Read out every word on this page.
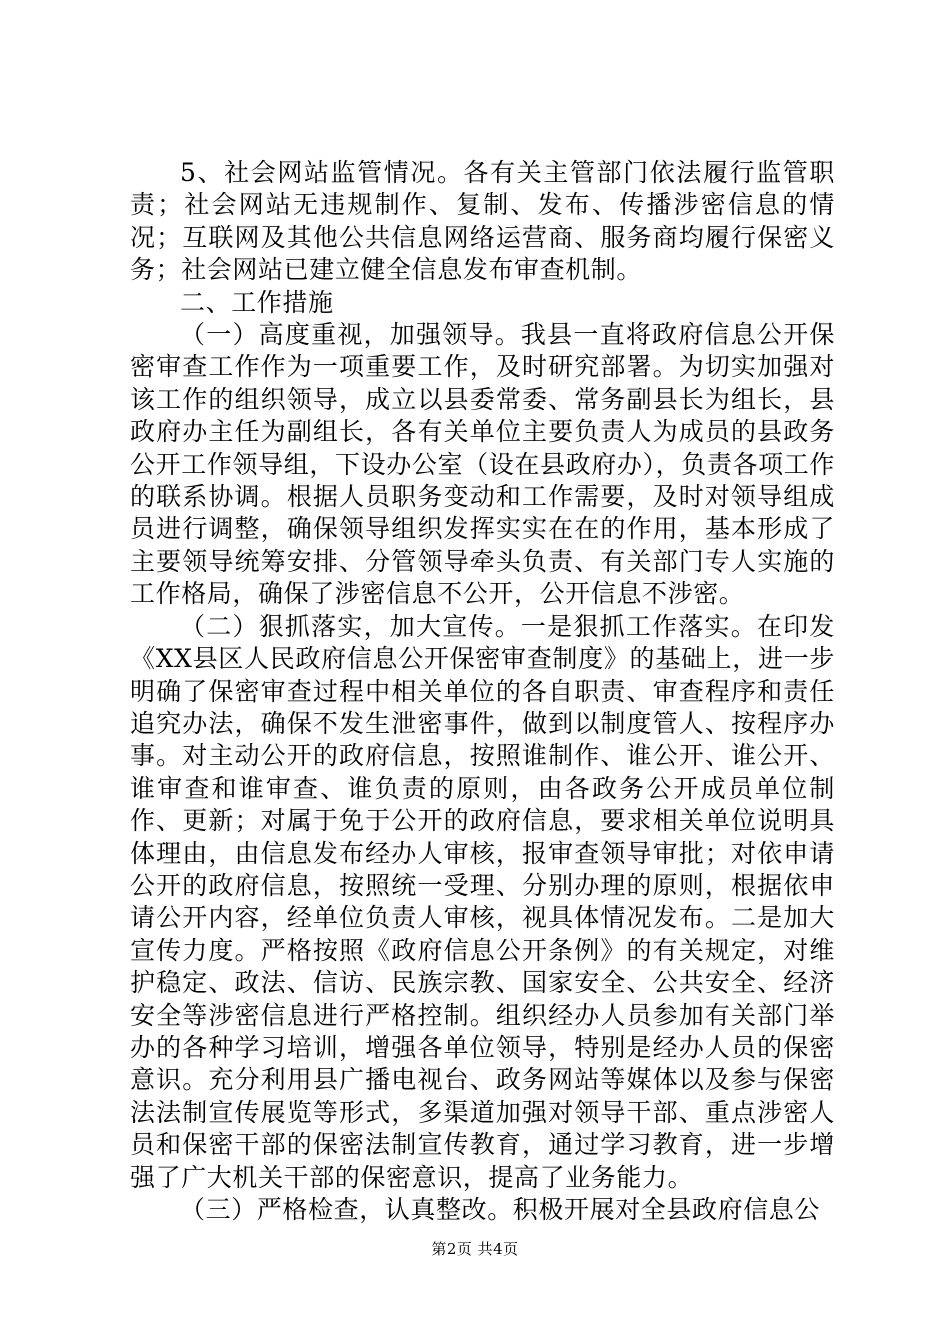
5、社会网站监管情况。各有关主管部门依法履行监管职责；社会网站无违规制作、复制、发布、传播涉密信息的情况；互联网及其他公共信息网络运营商、服务商均履行保密义务；社会网站已建立健全信息发布审查机制。

二、工作措施

（一）高度重视，加强领导。我县一直将政府信息公开保密审查工作作为一项重要工作，及时研究部署。为切实加强对该工作的组织领导，成立以县委常委、常务副县长为组长，县政府办主任为副组长，各有关单位主要负责人为成员的县政务公开工作领导组，下设办公室（设在县政府办），负责各项工作的联系协调。根据人员职务变动和工作需要，及时对领导组成员进行调整，确保领导组织发挥实实在在的作用，基本形成了主要领导统筹安排、分管领导牵头负责、有关部门专人实施的工作格局，确保了涉密信息不公开，公开信息不涉密。

（二）狠抓落实，加大宣传。一是狠抓工作落实。在印发《XX县区人民政府信息公开保密审查制度》的基础上，进一步明确了保密审查过程中相关单位的各自职责、审查程序和责任追究办法，确保不发生泄密事件，做到以制度管人、按程序办事。对主动公开的政府信息，按照谁制作、谁公开、谁公开、谁审查和谁审查、谁负责的原则，由各政务公开成员单位制作、更新；对属于免于公开的政府信息，要求相关单位说明具体理由，由信息发布经办人审核，报审查领导审批；对依申请公开的政府信息，按照统一受理、分别办理的原则，根据依申请公开内容，经单位负责人审核，视具体情况发布。二是加大宣传力度。严格按照《政府信息公开条例》的有关规定，对维护稳定、政法、信访、民族宗教、国家安全、公共安全、经济安全等涉密信息进行严格控制。组织经办人员参加有关部门举办的各种学习培训，增强各单位领导，特别是经办人员的保密意识。充分利用县广播电视台、政务网站等媒体以及参与保密法法制宣传展览等形式，多渠道加强对领导干部、重点涉密人员和保密干部的保密法制宣传教育，通过学习教育，进一步增强了广大机关干部的保密意识，提高了业务能力。

（三）严格检查，认真整改。积极开展对全县政府信息公

第2页 共4页
